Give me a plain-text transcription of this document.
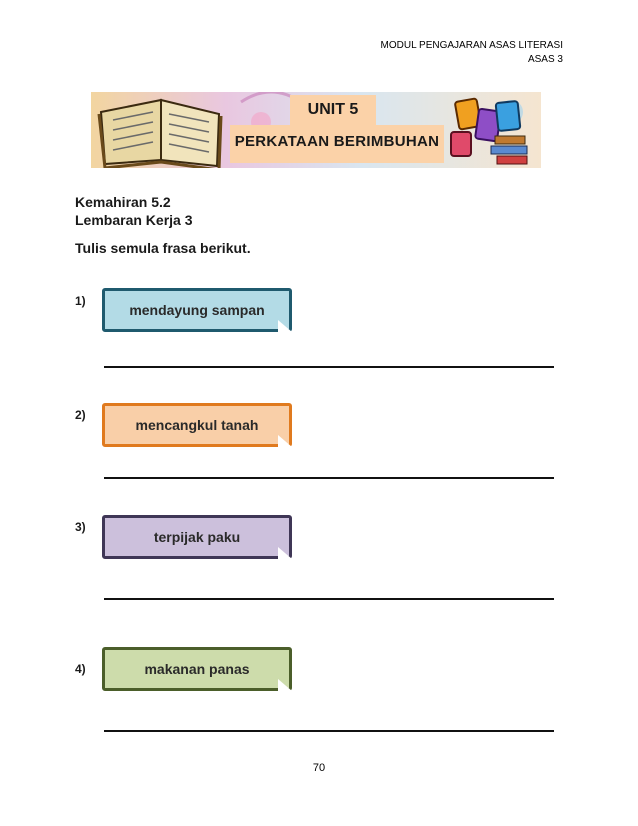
MODUL PENGAJARAN ASAS LITERASI
ASAS 3
UNIT 5
PERKATAAN BERIMBUHAN
Kemahiran 5.2
Lembaran Kerja 3
Tulis semula frasa berikut.
1)
mendayung sampan
2)
mencangkul tanah
3)
terpijak paku
4)	makanan panas
70
